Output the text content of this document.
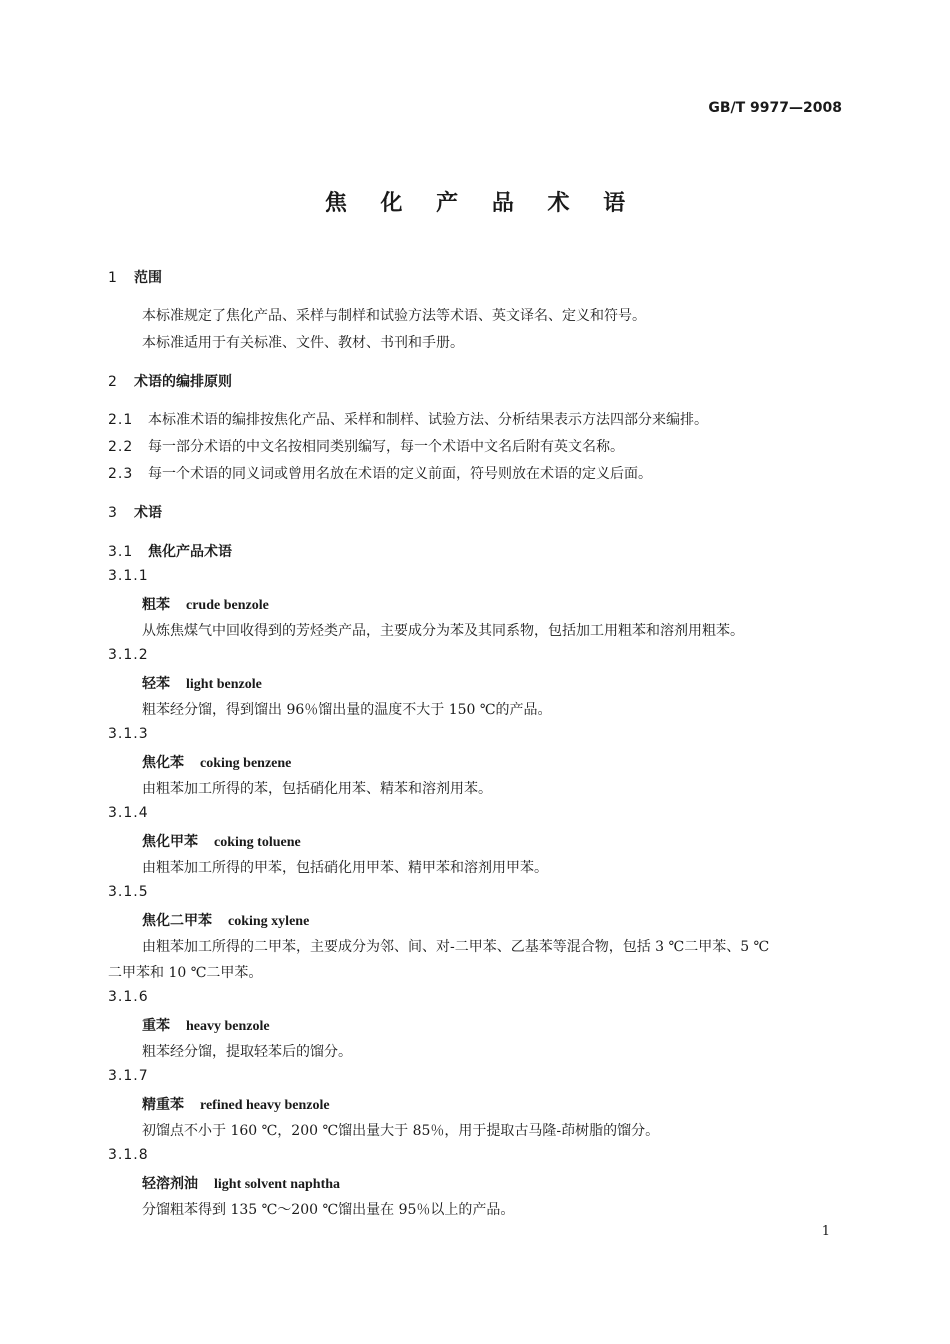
GB/T 9977—2008
焦 化 产 品 术 语
1 范围
本标准规定了焦化产品、采样与制样和试验方法等术语、英文译名、定义和符号。
本标准适用于有关标准、文件、教材、书刊和手册。
2 术语的编排原则
2.1 本标准术语的编排按焦化产品、采样和制样、试验方法、分析结果表示方法四部分来编排。
2.2 每一部分术语的中文名按相同类别编写，每一个术语中文名后附有英文名称。
2.3 每一个术语的同义词或曾用名放在术语的定义前面，符号则放在术语的定义后面。
3 术语
3.1 焦化产品术语
3.1.1
粗苯 crude benzole
从炼焦煤气中回收得到的芳烃类产品，主要成分为苯及其同系物，包括加工用粗苯和溶剂用粗苯。
3.1.2
轻苯 light benzole
粗苯经分馏，得到馏出 96％馏出量的温度不大于 150 ℃的产品。
3.1.3
焦化苯 coking benzene
由粗苯加工所得的苯，包括硝化用苯、精苯和溶剂用苯。
3.1.4
焦化甲苯 coking toluene
由粗苯加工所得的甲苯，包括硝化用甲苯、精甲苯和溶剂用甲苯。
3.1.5
焦化二甲苯 coking xylene
由粗苯加工所得的二甲苯，主要成分为邻、间、对-二甲苯、乙基苯等混合物，包括 3 ℃二甲苯、5 ℃
二甲苯和 10 ℃二甲苯。
3.1.6
重苯 heavy benzole
粗苯经分馏，提取轻苯后的馏分。
3.1.7
精重苯 refined heavy benzole
初馏点不小于 160 ℃，200 ℃馏出量大于 85％，用于提取古马隆-茚树脂的馏分。
3.1.8
轻溶剂油 light solvent naphtha
分馏粗苯得到 135 ℃～200 ℃馏出量在 95％以上的产品。
1
